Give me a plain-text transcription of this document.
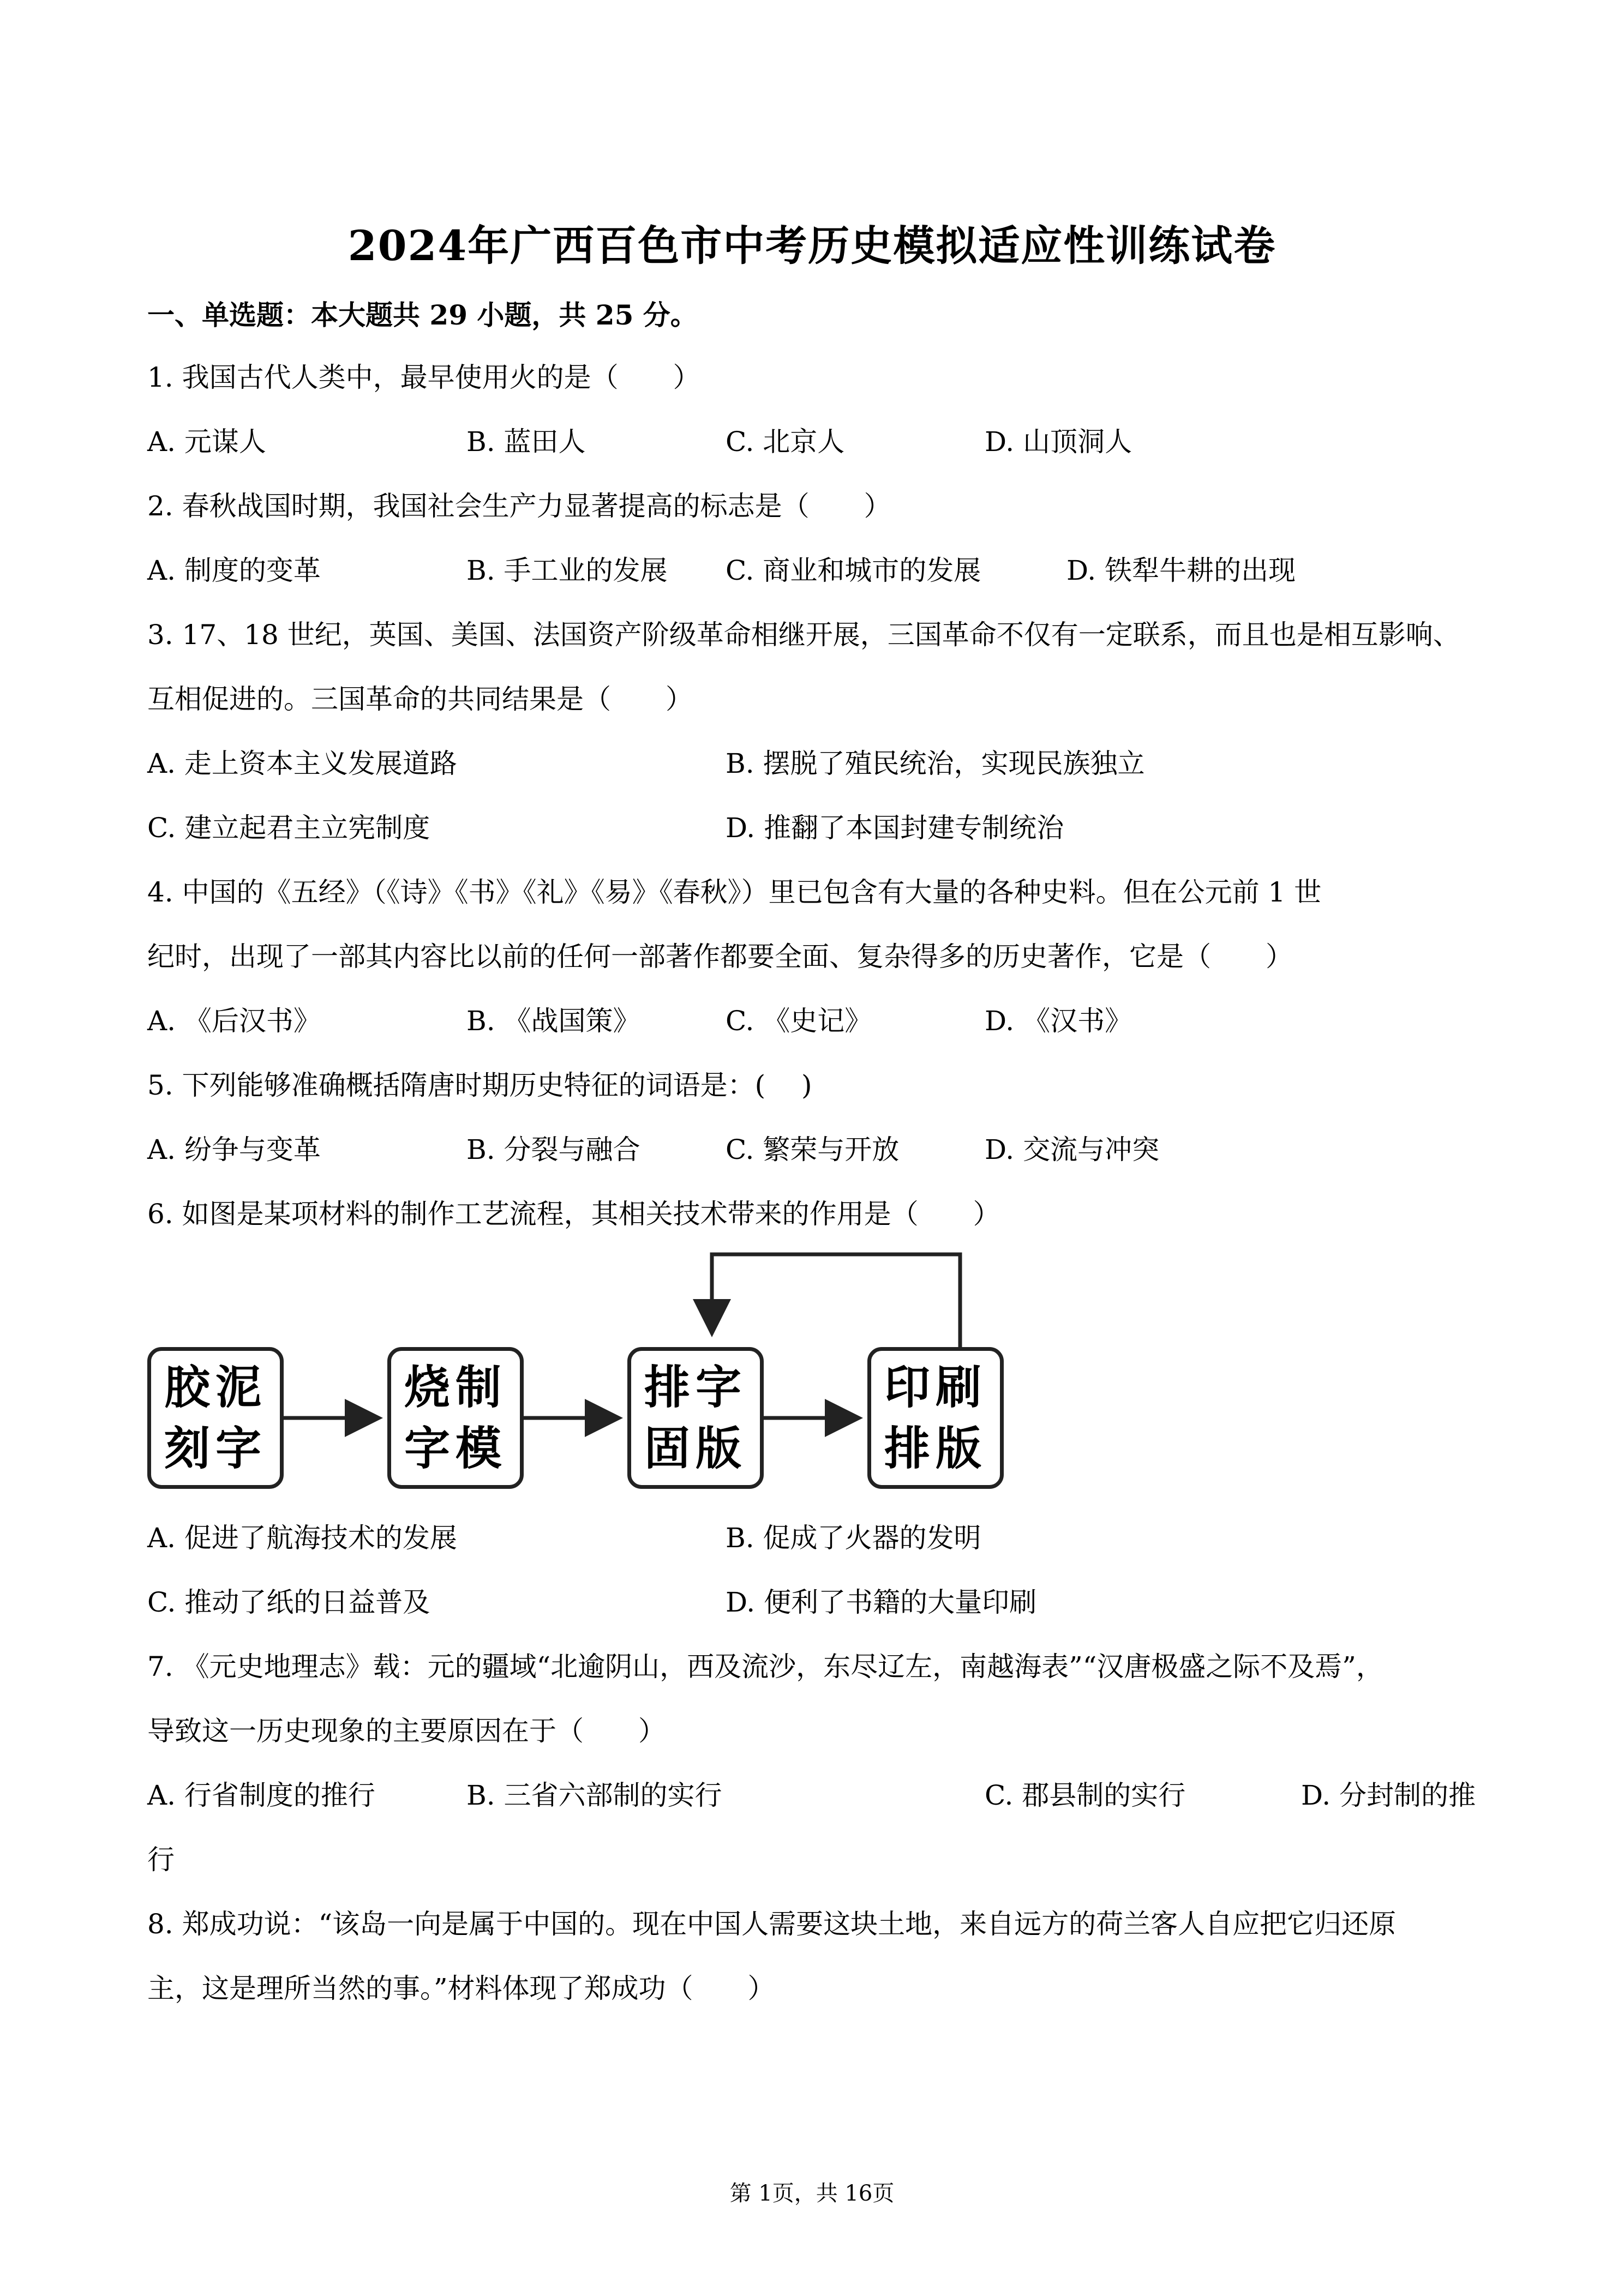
2024年广西百色市中考历史模拟适应性训练试卷
一、单选题：本大题共 29 小题，共 25 分。
1. 我国古代人类中，最早使用火的是（　　）
A. 元谋人	B. 蓝田人	C. 北京人	D. 山顶洞人
2. 春秋战国时期，我国社会生产力显著提高的标志是（　　）
A. 制度的变革	B. 手工业的发展 C. 商业和城市的发展	D. 铁犁牛耕的出现
3. 17、18 世纪，英国、美国、法国资产阶级革命相继开展，三国革命不仅有一定联系，而且也是相互影响、
互相促进的。三国革命的共同结果是（　　）
A. 走上资本主义发展道路	B. 摆脱了殖民统治，实现民族独立
C. 建立起君主立宪制度	D. 推翻了本国封建专制统治
4. 中国的《五经》（《诗》《书》《礼》《易》《春秋》）里已包含有大量的各种史料。但在公元前 1 世
纪时，出现了一部其内容比以前的任何一部著作都要全面、复杂得多的历史著作，它是（　　）
A. 《后汉书》	B. 《战国策》	C. 《史记》	D. 《汉书》
5. 下列能够准确概括隋唐时期历史特征的词语是：(　 )
A. 纷争与变革	B. 分裂与融合	C. 繁荣与开放	D. 交流与冲突
6. 如图是某项材料的制作工艺流程，其相关技术带来的作用是（　　）
胶泥
刻字
烧制
字模
排字
固版
印刷
排版
A. 促进了航海技术的发展	B. 促成了火器的发明
C. 推动了纸的日益普及	D. 便利了书籍的大量印刷
7. 《元史地理志》载：元的疆域“北逾阴山，西及流沙，东尽辽左，南越海表”“汉唐极盛之际不及焉”，
导致这一历史现象的主要原因在于（　　）
A. 行省制度的推行	B. 三省六部制的实行	C. 郡县制的实行	D. 分封制的推
行
8. 郑成功说：“该岛一向是属于中国的。现在中国人需要这块土地，来自远方的荷兰客人自应把它归还原
主，这是理所当然的事。”材料体现了郑成功（　　）
第 1页，共 16页
